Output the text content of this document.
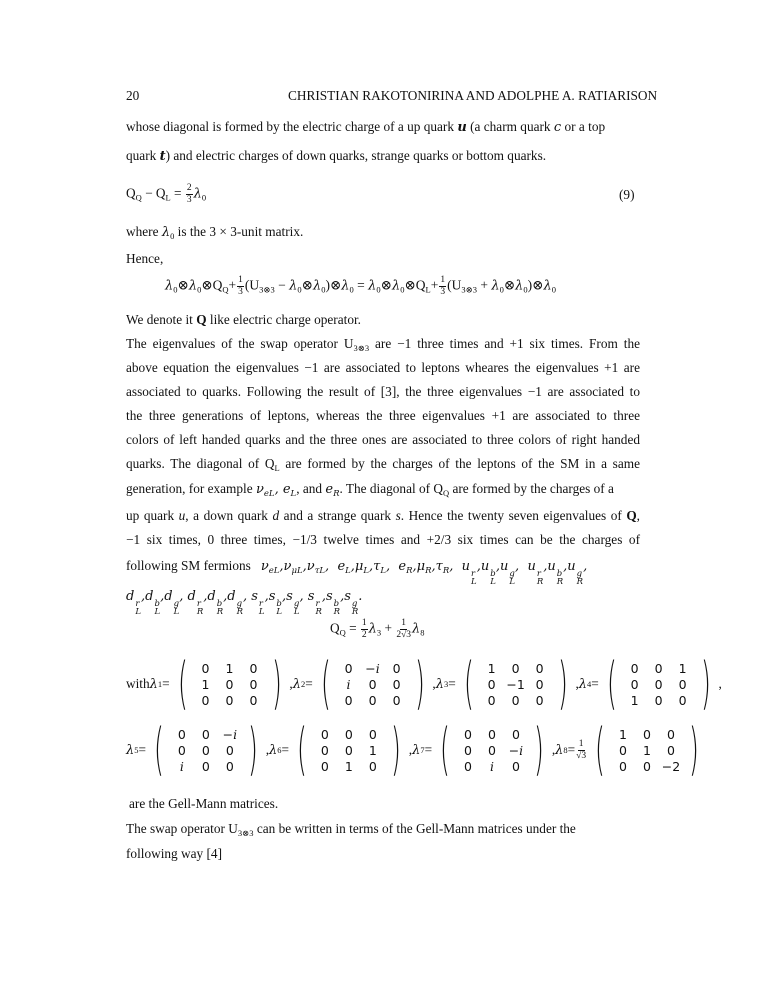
20	CHRISTIAN RAKOTONIRINA AND ADOLPHE A. RATIARISON
whose diagonal is formed by the electric charge of a up quark u (a charm quark c or a top
quark t) and electric charges of down quarks, strange quarks or bottom quarks.
$Q_Q - Q_L = \frac{2}{3} \lambda_0$	(9)
where $\lambda_0$ is the 3 × 3-unit matrix.
Hence,
$\lambda_0\otimes\lambda_0\otimes Q_Q+ \frac{1}{3} (U_{3\otimes 3}$ − $\lambda_0\otimes\lambda_0)\otimes\lambda_0$ = $\lambda_0\otimes\lambda_0\otimes Q_L+ \frac{1}{3} (U_{3\otimes 3}$ + $\lambda_0\otimes\lambda_0)\otimes\lambda_0$
We denote it Q like electric charge operator.
The eigenvalues of the swap operator $U_{3\otimes 3}$ are −1 three times and +1 six times. From the
above equation the eigenvalues −1 are associated to leptons wheares the eigenvalues +1 are
associated to quarks. Following the result of [3], the three eigenvalues −1 are associated to
the three generations of leptons, whereas the three eigenvalues +1 are associated to three
colors of left handed quarks and the three ones are associated to three colors of right handed
quarks. The diagonal of $Q_L$ are formed by the charges of the leptons of the SM in a same
generation, for example $\nu_{eL}$, $e_L$, and $e_R$. The diagonal of $Q_Q$ are formed by the charges of a
up quark u, a down quark d and a strange quark s. Hence the twenty seven eigenvalues of Q,
−1 six times, 0 three times, −1/3 twelve times and +2/3 six times can be the charges of
following SM fermions $\nu_{eL},\nu_{\mu L},\nu_{\tau L}$,  $e_L,\mu_L,\tau_L$,  $e_R,\mu_R,\tau_R$,  u r
L
,u b
L
,u g
L
,  u r
R
,u b
R
,u g
R
,
d r
L
,d b
L
,d g
L
, d r
R
,d b
R
,d g
R
, s r
L
,s b
L
,s g
L
, s r
R
,s b
R
,s g
R
.
$Q_Q = \frac{1}{2} \lambda_3 + \frac{1}{2√3} \lambda_8$
with λ 1 = (	0	1	0
1	0	0
0	0	0 ) , λ 2 = (	0	−i	0
i	0	0
0	0	0 ) , λ 3 = (	1	0	0
0 −1 0
0	0	0 ) , λ 4 = (	0	0	1
0	0	0
1	0	0 ) ,
λ 5 = (	0	0	−i
0	0	0
i	0	0 ) , λ 6 = (	0	0	0
0	0	1
0	1	0 ) , λ 7 = (	0	0	0
0	0	−i
0	i	0 ) , λ $8 = \frac{1}{√3}$ (	1	0	0
0	1	0
0	0 −2 )
are the Gell-Mann matrices.
The swap operator $U_{3\otimes 3}$ can be written in terms of the Gell-Mann matrices under the
following way [4]
